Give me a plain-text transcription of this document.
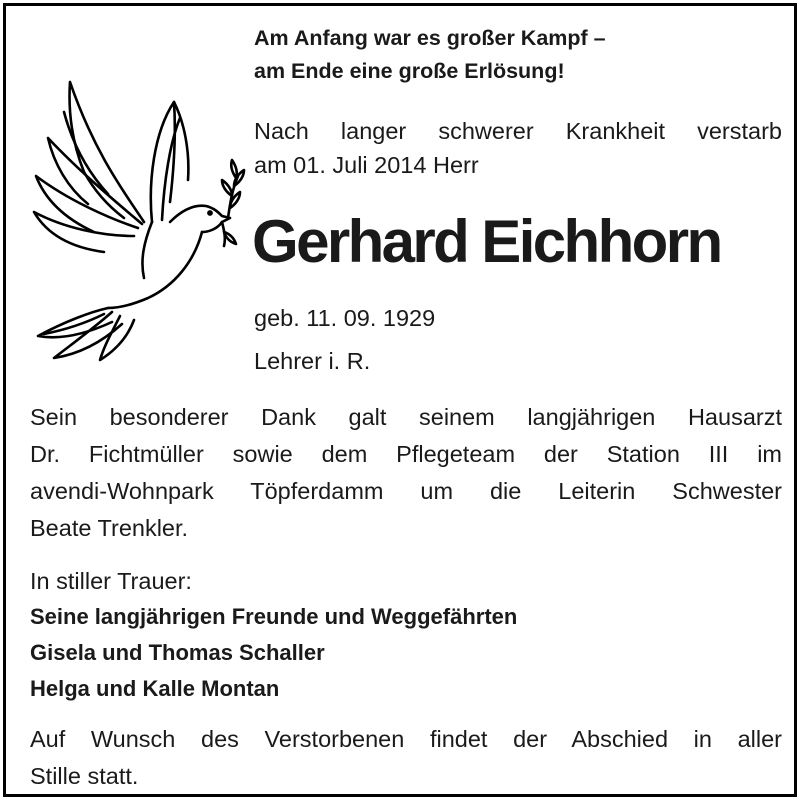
Am Anfang war es großer Kampf –
am Ende eine große Erlösung!
Nach langer schwerer Krankheit verstarb
am 01. Juli 2014 Herr
Gerhard Eichhorn
geb. 11. 09. 1929
Lehrer i. R.
Sein besonderer Dank galt seinem langjährigen Hausarzt
Dr. Fichtmüller sowie dem Pflegeteam der Station III im
avendi-Wohnpark Töpferdamm um die Leiterin Schwester
Beate Trenkler.
In stiller Trauer:
Seine langjährigen Freunde und Weggefährten
Gisela und Thomas Schaller
Helga und Kalle Montan
Auf Wunsch des Verstorbenen findet der Abschied in aller
Stille statt.
